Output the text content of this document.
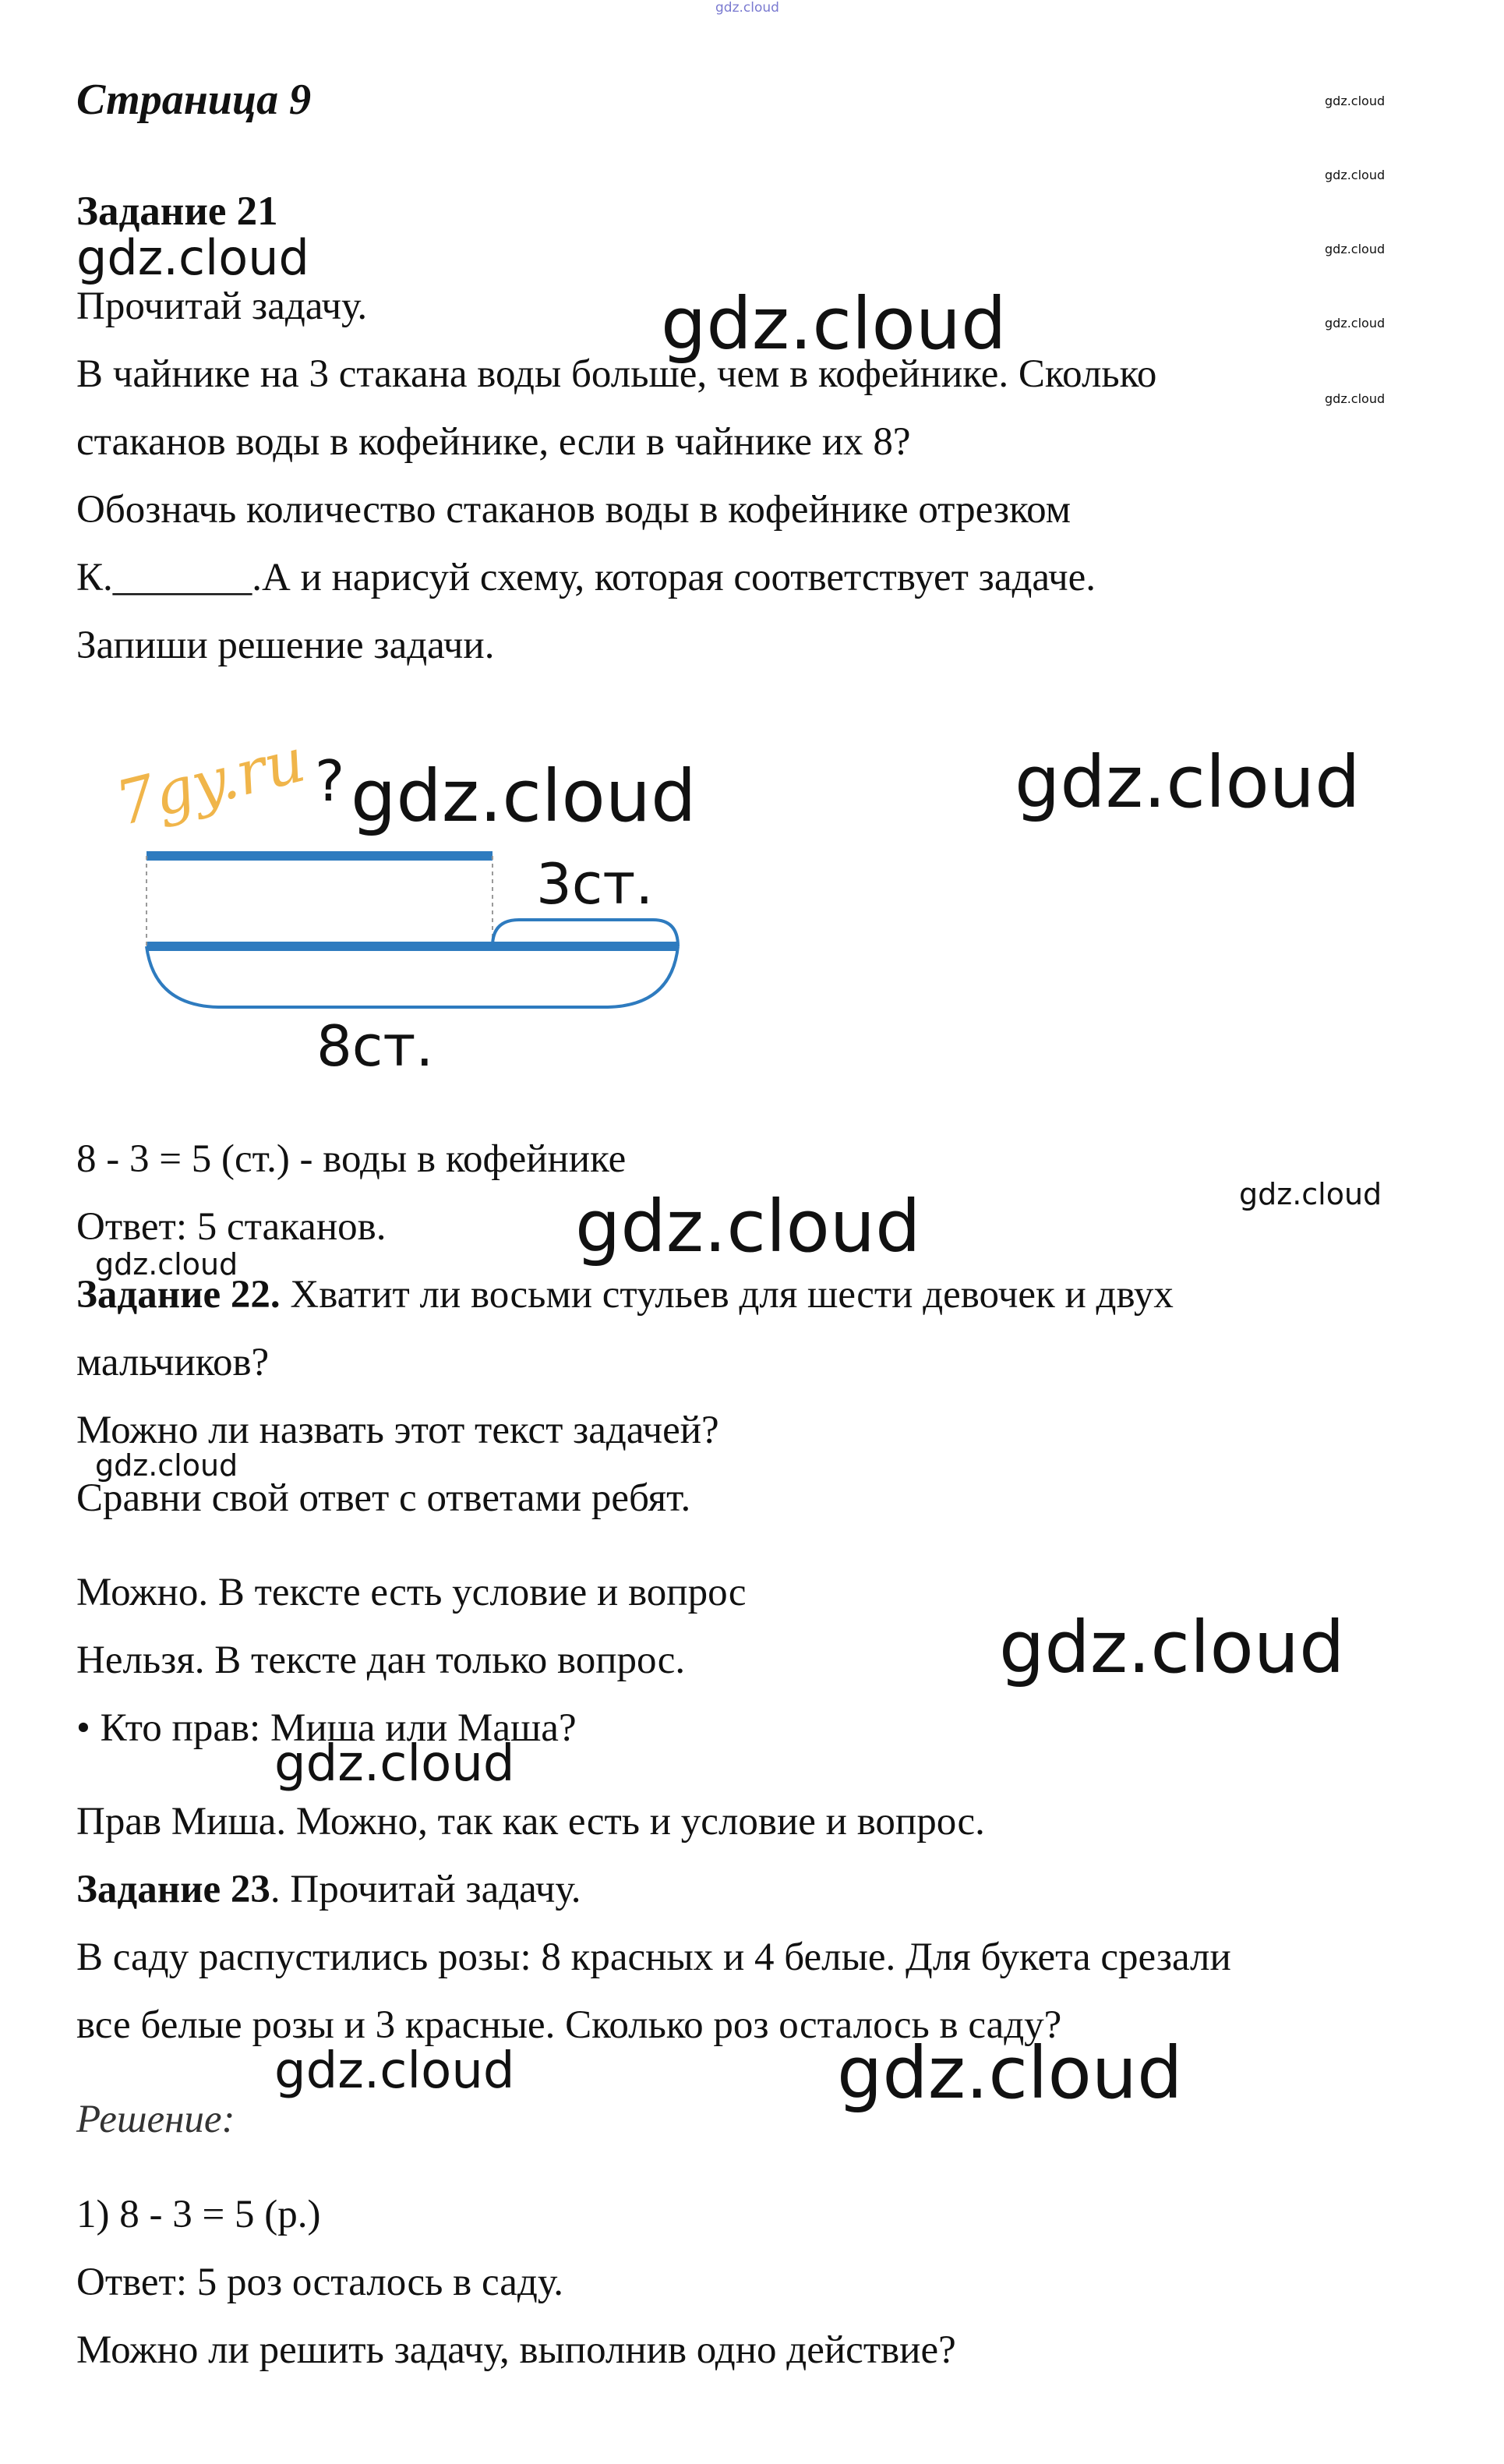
gdz.cloud
gdz.cloud
gdz.cloud
gdz.cloud
gdz.cloud
gdz.cloud
Страница 9
Задание 21
gdz.cloud
Прочитай задачу.	gdz.cloud
В чайнике на 3 стакана воды больше, чем в кофейнике. Сколько
стаканов воды в кофейнике, если в чайнике их 8?
Обозначь количество стаканов воды в кофейнике отрезком
К._______.А и нарисуй схему, которая соответствует задаче.
Запиши решение задачи.
7gy.ru ? gdz.cloud	gdz.cloud
3ст.
8ст.
8 - 3 = 5 (ст.) - воды в кофейнике
gdz.cloud
Ответ: 5 стаканов.	gdz.cloud
gdz.cloud
Задание 22. Хватит ли восьми стульев для шести девочек и двух
мальчиков?
Можно ли назвать этот текст задачей?
gdz.cloud
Сравни свой ответ с ответами ребят.
Можно. В тексте есть условие и вопрос
Нельзя. В тексте дан только вопрос.	gdz.cloud
• Кто прав: Миша или Маша?
gdz.cloud
Прав Миша. Можно, так как есть и условие и вопрос.
Задание 23. Прочитай задачу.
В саду распустились розы: 8 красных и 4 белые. Для букета срезали
все белые розы и 3 красные. Сколько роз осталось в саду?
gdz.cloud	gdz.cloud
Решение:
1) 8 - 3 = 5 (р.)
Ответ: 5 роз осталось в саду.
Можно ли решить задачу, выполнив одно действие?
